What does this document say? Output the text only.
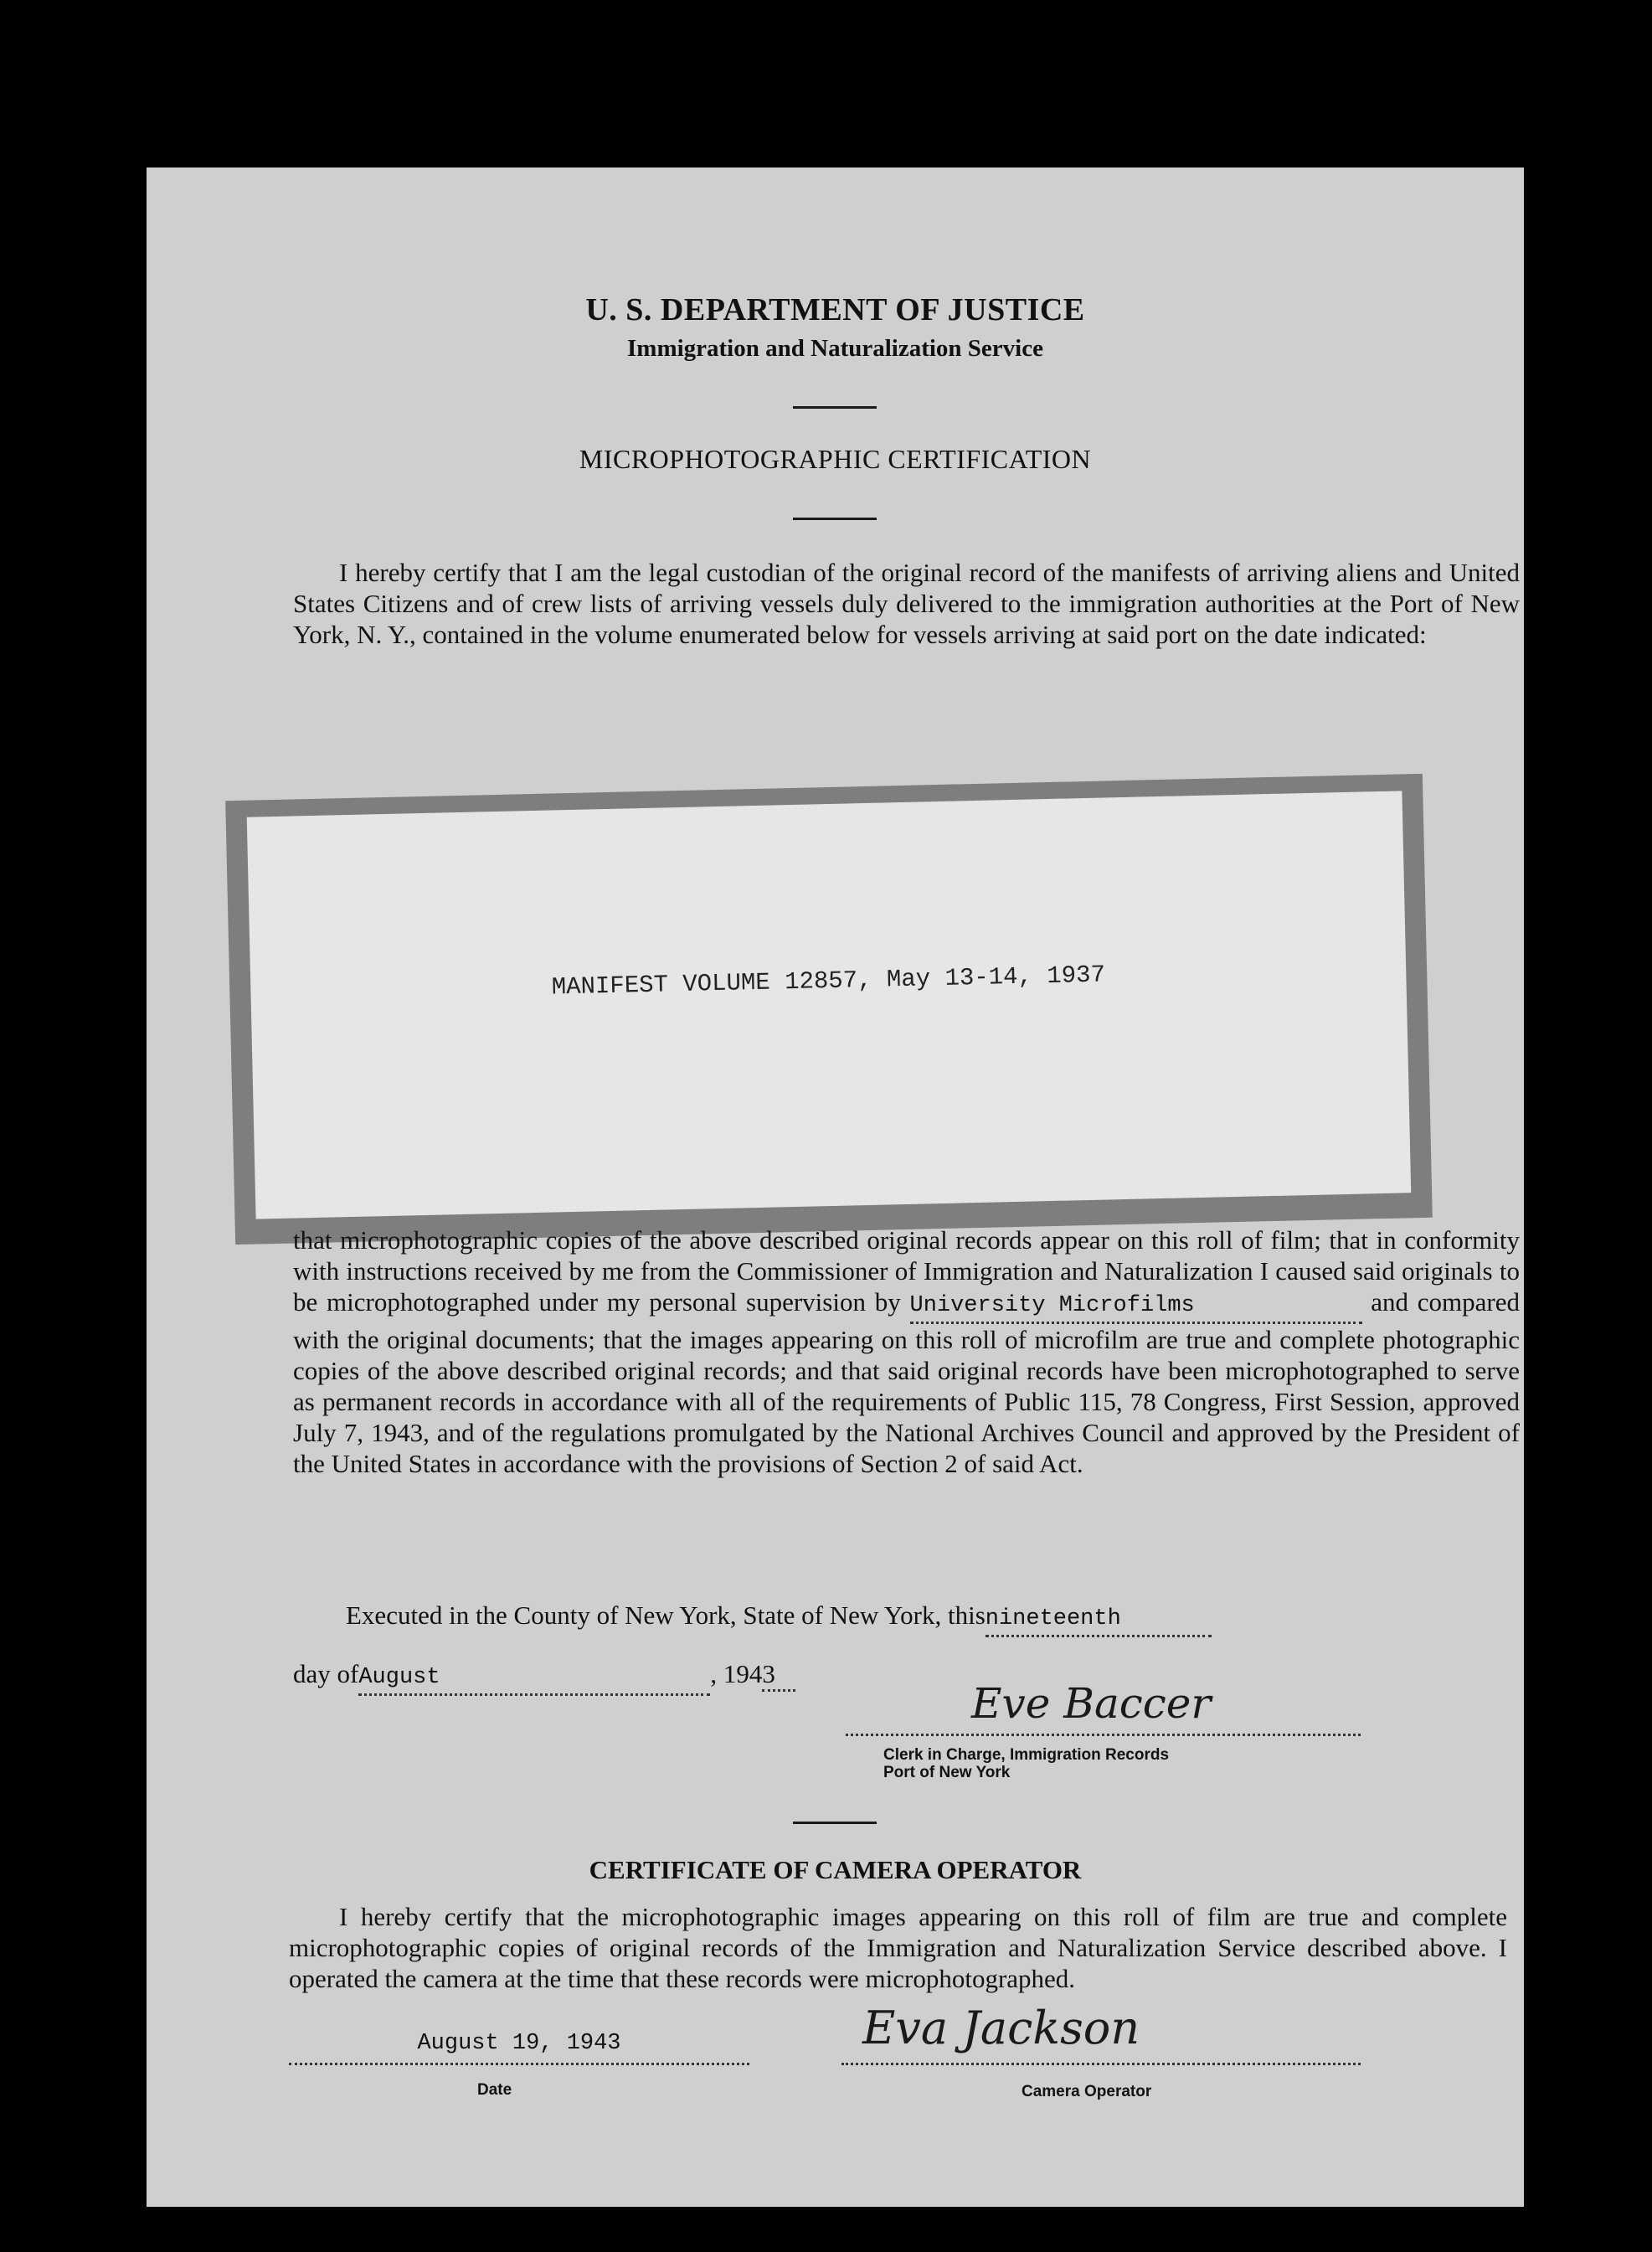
U. S. DEPARTMENT OF JUSTICE
Immigration and Naturalization Service
MICROPHOTOGRAPHIC CERTIFICATION
I hereby certify that I am the legal custodian of the original record of the manifests of arriving aliens and United States Citizens and of crew lists of arriving vessels duly delivered to the immigration authorities at the Port of New York, N. Y., contained in the volume enumerated below for vessels arriving at said port on the date indicated:
MANIFEST VOLUME 12857, May 13-14, 1937
that microphotographic copies of the above described original records appear on this roll of film; that in conformity with instructions received by me from the Commissioner of Immigration and Naturalization I caused said originals to be microphotographed under my personal supervision by University Microfilms	and compared with the original documents; that the images appearing on this roll of microfilm are true and complete photographic copies of the above described original records; and that said original records have been microphotographed to serve as permanent records in accordance with all of the requirements of Public 115, 78 Congress, First Session, approved July 7, 1943, and of the regulations promulgated by the National Archives Council and approved by the President of the United States in accordance with the provisions of Section 2 of said Act.
Executed in the County of New York, State of New York, thisnineteenth
day ofAugust	, 1943
Eve Baccer
Clerk in Charge, Immigration Records
Port of New York
CERTIFICATE OF CAMERA OPERATOR
I hereby certify that the microphotographic images appearing on this roll of film are true and complete microphotographic copies of original records of the Immigration and Naturalization Service described above. I operated the camera at the time that these records were microphotographed.
August 19, 1943
Date
Eva Jackson
Camera Operator
